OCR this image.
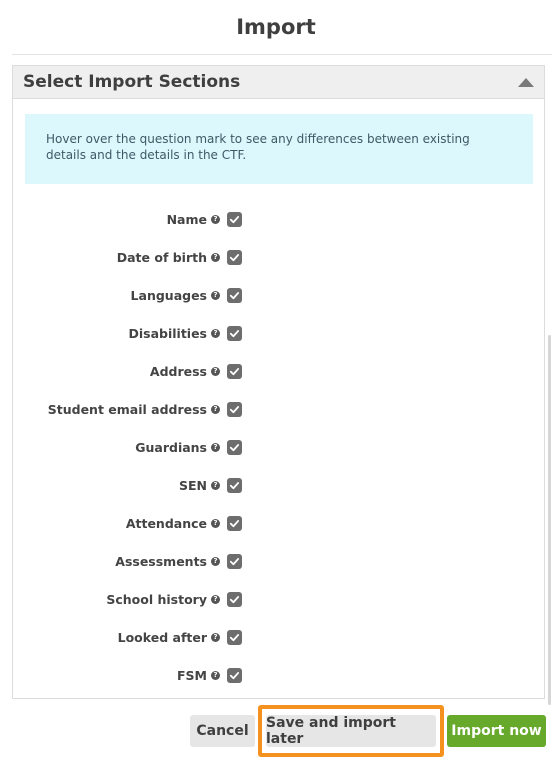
Import
Select Import Sections
Hover over the question mark to see any differences between existing details and the details in the CTF.
Name ?
Date of birth ?
Languages ?
Disabilities ?
Address ?
Student email address ?
Guardians ?
SEN ?
Attendance ?
Assessments ?
School history ?
Looked after ?
FSM ?
Cancel	Save and import later	Import now
